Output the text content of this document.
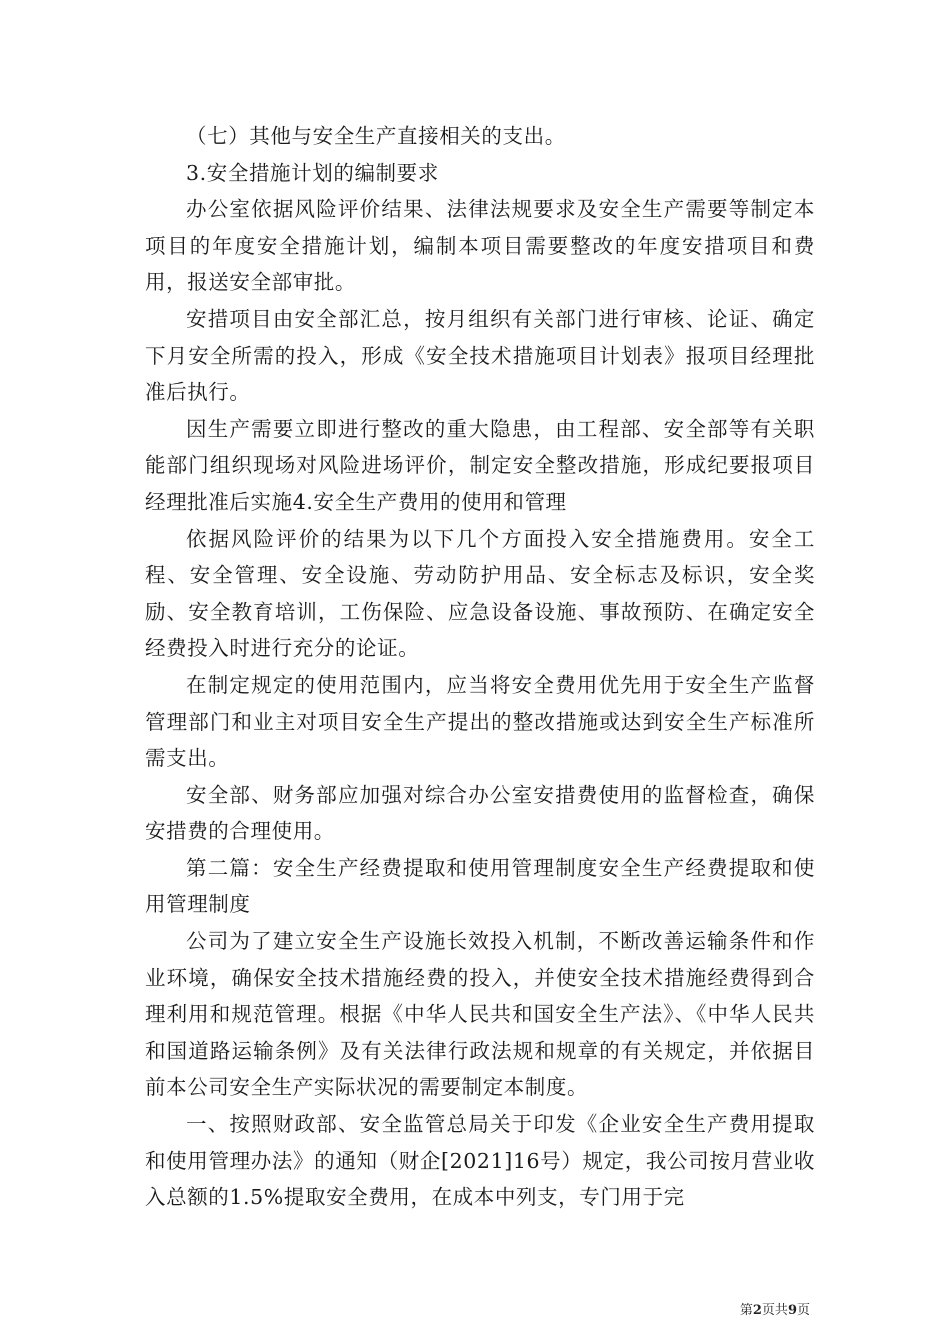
（七）其他与安全生产直接相关的支出。

3.安全措施计划的编制要求

办公室依据风险评价结果、法律法规要求及安全生产需要等制定本项目的年度安全措施计划，编制本项目需要整改的年度安措项目和费用，报送安全部审批。

安措项目由安全部汇总，按月组织有关部门进行审核、论证、确定下月安全所需的投入，形成《安全技术措施项目计划表》报项目经理批准后执行。

因生产需要立即进行整改的重大隐患，由工程部、安全部等有关职能部门组织现场对风险进场评价，制定安全整改措施，形成纪要报项目经理批准后实施4.安全生产费用的使用和管理

依据风险评价的结果为以下几个方面投入安全措施费用。安全工程、安全管理、安全设施、劳动防护用品、安全标志及标识，安全奖励、安全教育培训，工伤保险、应急设备设施、事故预防、在确定安全经费投入时进行充分的论证。

在制定规定的使用范围内，应当将安全费用优先用于安全生产监督管理部门和业主对项目安全生产提出的整改措施或达到安全生产标准所需支出。

安全部、财务部应加强对综合办公室安措费使用的监督检查，确保安措费的合理使用。

第二篇：安全生产经费提取和使用管理制度安全生产经费提取和使用管理制度

公司为了建立安全生产设施长效投入机制，不断改善运输条件和作业环境，确保安全技术措施经费的投入，并使安全技术措施经费得到合理利用和规范管理。根据《中华人民共和国安全生产法》、《中华人民共和国道路运输条例》及有关法律行政法规和规章的有关规定，并依据目前本公司安全生产实际状况的需要制定本制度。

一、按照财政部、安全监管总局关于印发《企业安全生产费用提取和使用管理办法》的通知（财企[2021]16号）规定，我公司按月营业收入总额的1.5%提取安全费用，在成本中列支，专门用于完

第2页共9页
